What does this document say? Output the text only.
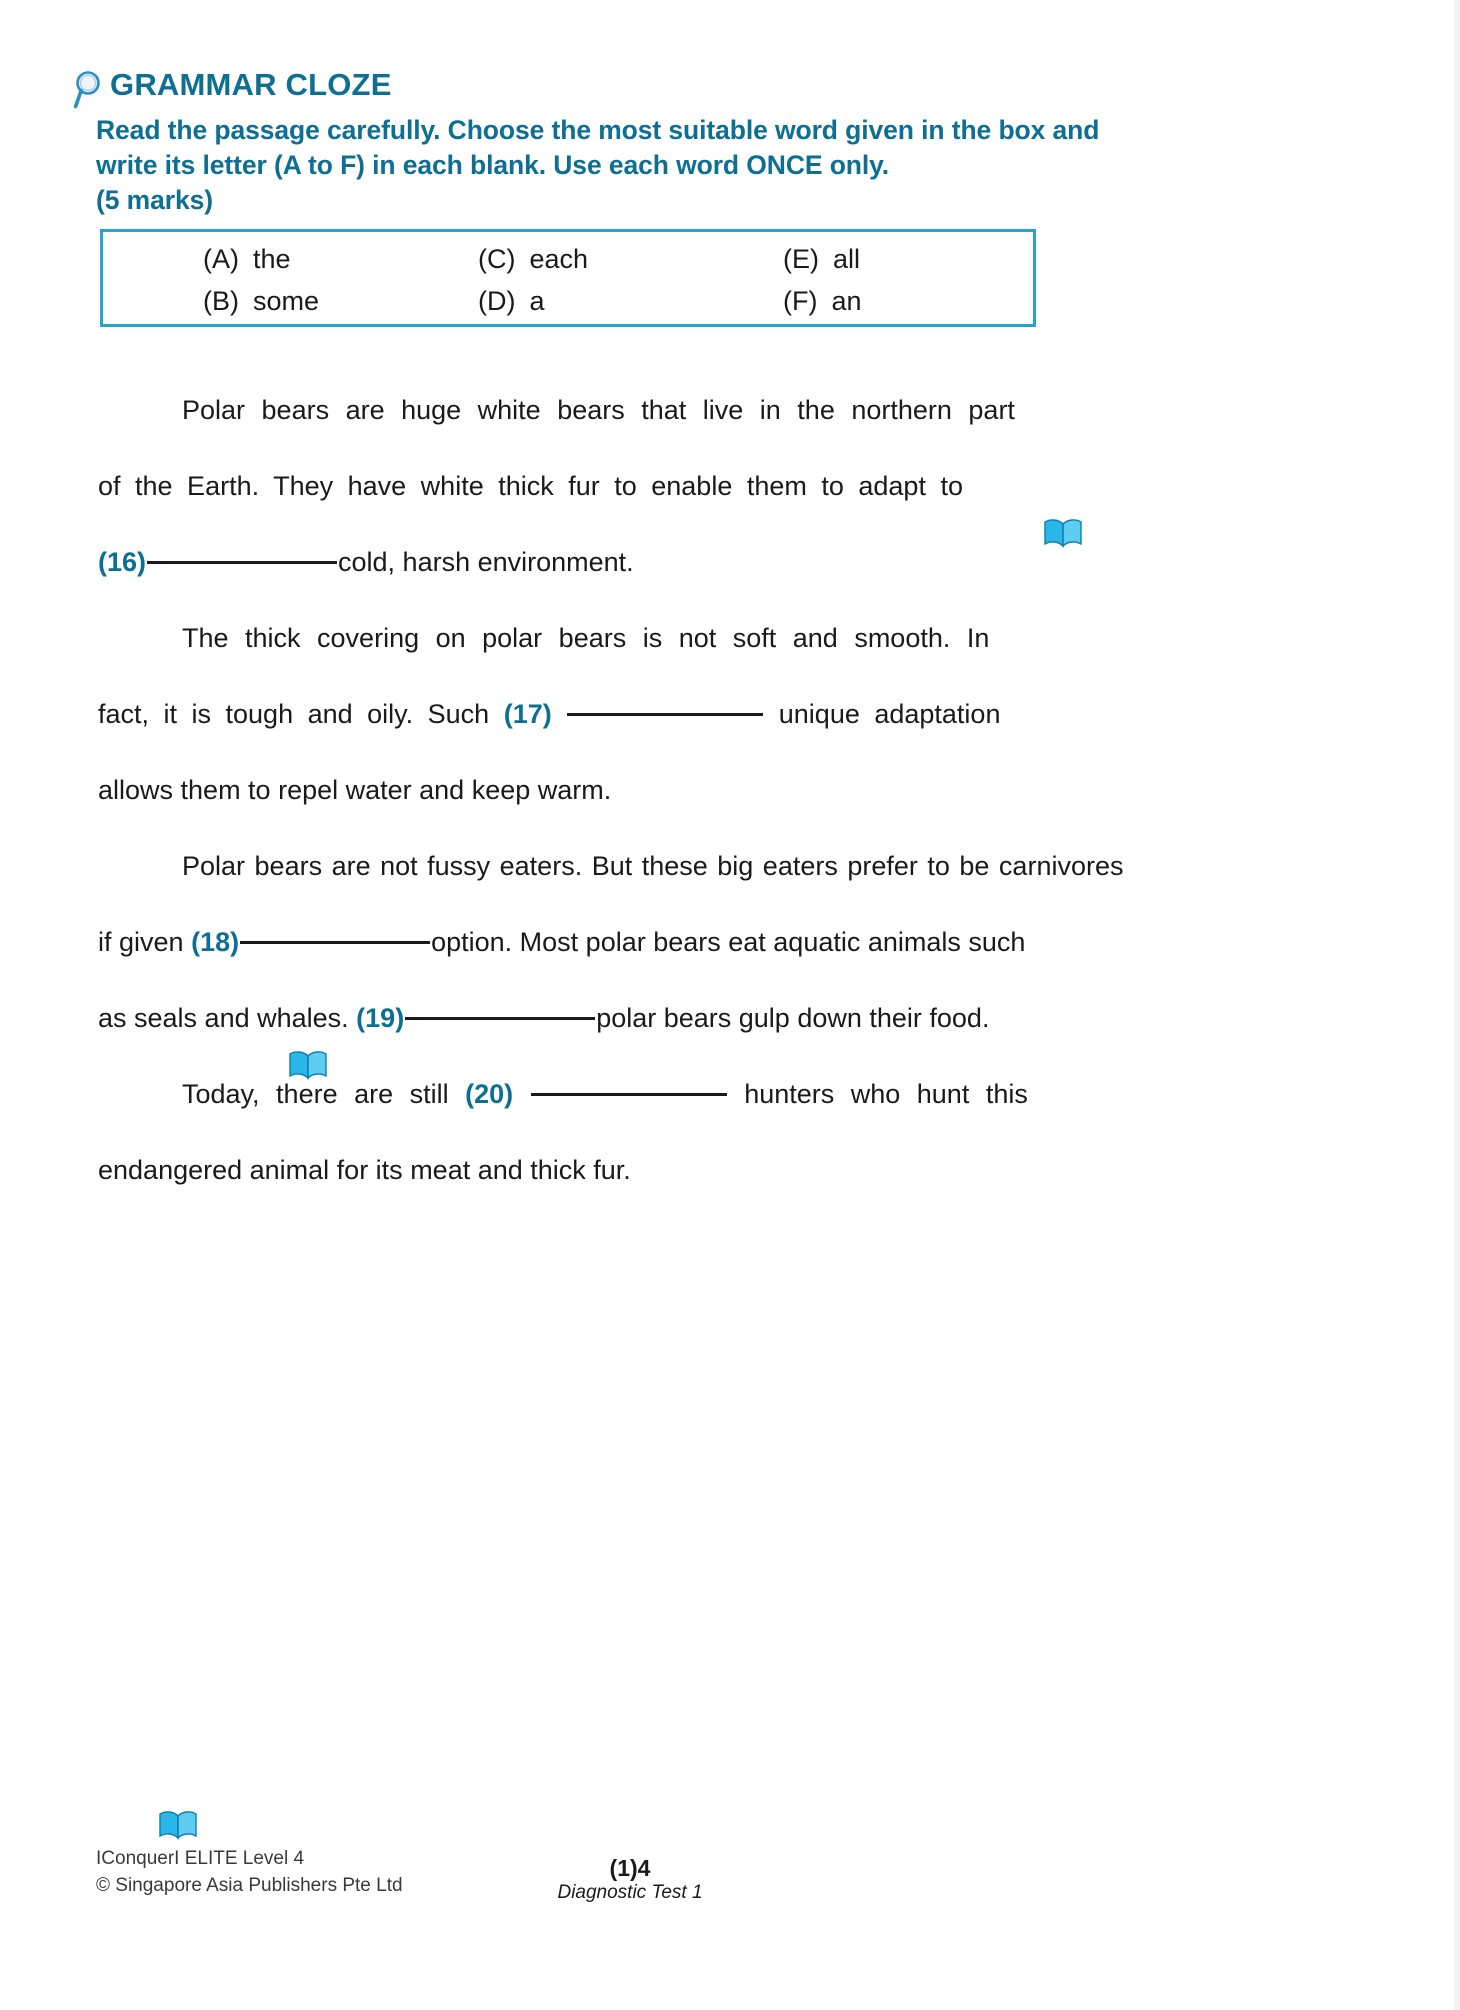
GRAMMAR CLOZE
Read the passage carefully. Choose the most suitable word given in the box and write its letter (A to F) in each blank. Use each word ONCE only.
(5 marks)
(A) the	(C) each	(E) all
(B) some	(D) a	(F) an
Polar bears are huge white bears that live in the northern part
of the Earth. They have white thick fur to enable them to adapt to
(16)	cold, harsh environment.
The thick covering on polar bears is not soft and smooth. In
fact, it is tough and oily. Such (17)	unique adaptation
allows them to repel water and keep warm.
Polar bears are not fussy eaters. But these big eaters prefer to be carnivores
if given (18)	option. Most polar bears eat aquatic animals such
as seals and whales. (19)	polar bears gulp down their food.
Today, there are still (20)	hunters who hunt this
endangered animal for its meat and thick fur.
IConquerI ELITE Level 4
© Singapore Asia Publishers Pte Ltd
(1)4
Diagnostic Test 1
